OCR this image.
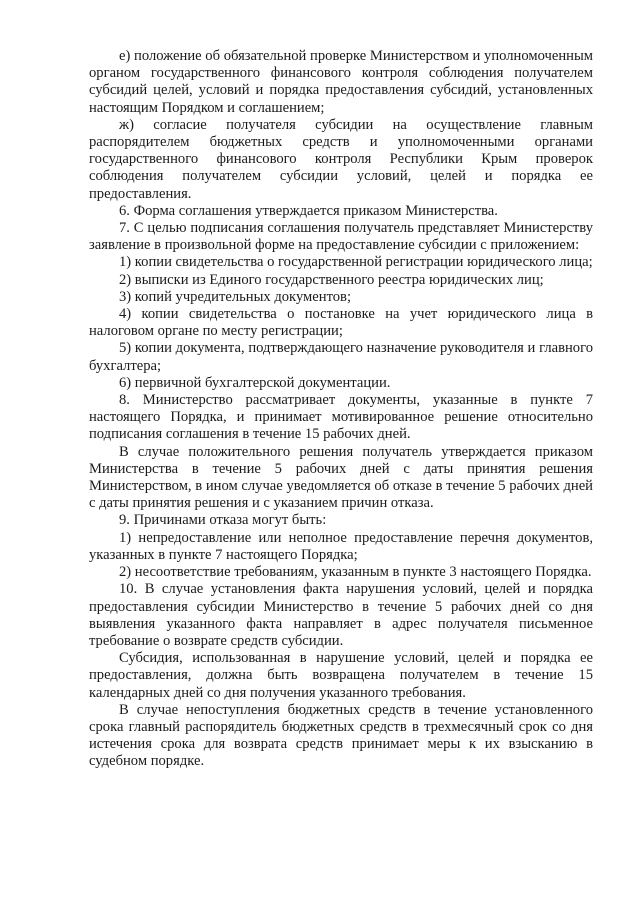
е) положение об обязательной проверке Министерством и уполномоченным органом государственного финансового контроля соблюдения получателем субсидий целей, условий и порядка предоставления субсидий, установленных настоящим Порядком и соглашением;

ж) согласие получателя субсидии на осуществление главным распорядителем бюджетных средств и уполномоченными органами государственного финансового контроля Республики Крым проверок соблюдения получателем субсидии условий, целей и порядка ее предоставления.

6. Форма соглашения утверждается приказом Министерства.

7. С целью подписания соглашения получатель представляет Министерству заявление в произвольной форме на предоставление субсидии с приложением:

1) копии свидетельства о государственной регистрации юридического лица;

2) выписки из Единого государственного реестра юридических лиц;

3) копий учредительных документов;

4) копии свидетельства о постановке на учет юридического лица в налоговом органе по месту регистрации;

5) копии документа, подтверждающего назначение руководителя и главного бухгалтера;

6) первичной бухгалтерской документации.

8. Министерство рассматривает документы, указанные в пункте 7 настоящего Порядка, и принимает мотивированное решение относительно подписания соглашения в течение 15 рабочих дней.

В случае положительного решения получатель утверждается приказом Министерства в течение 5 рабочих дней с даты принятия решения Министерством, в ином случае уведомляется об отказе в течение 5 рабочих дней с даты принятия решения и с указанием причин отказа.

9. Причинами отказа могут быть:

1) непредоставление или неполное предоставление перечня документов, указанных в пункте 7 настоящего Порядка;

2) несоответствие требованиям, указанным в пункте 3 настоящего Порядка.

10. В случае установления факта нарушения условий, целей и порядка предоставления субсидии Министерство в течение 5 рабочих дней со дня выявления указанного факта направляет в адрес получателя письменное требование о возврате средств субсидии.

Субсидия, использованная в нарушение условий, целей и порядка ее предоставления, должна быть возвращена получателем в течение 15 календарных дней со дня получения указанного требования.

В случае непоступления бюджетных средств в течение установленного срока главный распорядитель бюджетных средств в трехмесячный срок со дня истечения срока для возврата средств принимает меры к их взысканию в судебном порядке.
